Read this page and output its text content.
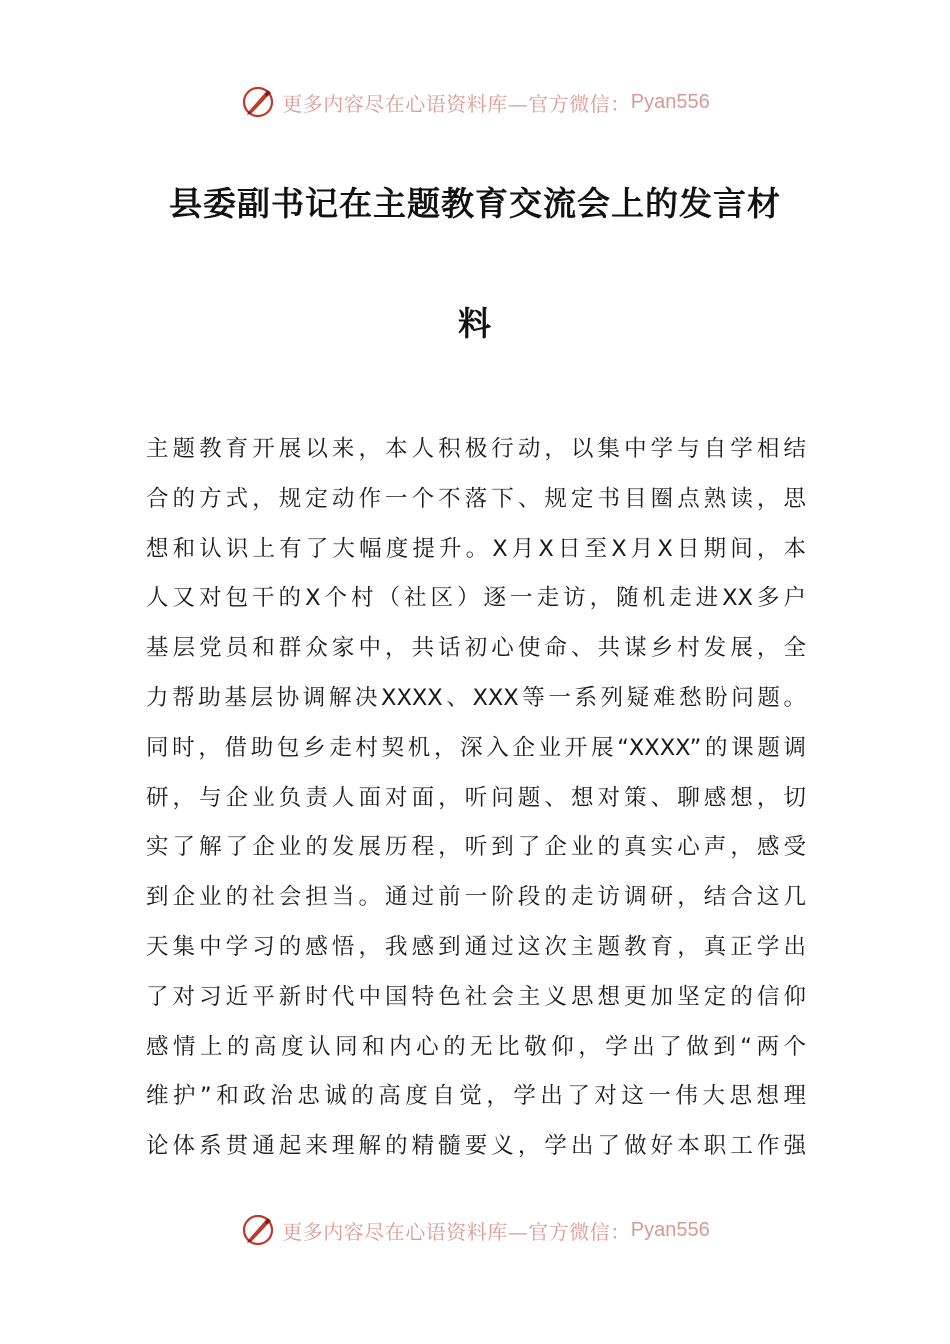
更多内容尽在心语资料库—官方微信： Pyan556
县委副书记在主题教育交流会上的发言材
料
主题教育开展以来，本人积极行动，以集中学与自学相结
合的方式，规定动作一个不落下、规定书目圈点熟读，思
想和认识上有了大幅度提升。X月X日至X月X日期间，本
人又对包干的X个村（社区）逐一走访，随机走进XX多户
基层党员和群众家中，共话初心使命、共谋乡村发展，全
力帮助基层协调解决XXXX、XXX等一系列疑难愁盼问题。
同时，借助包乡走村契机，深入企业开展“XXXX”的课题调
研，与企业负责人面对面，听问题、想对策、聊感想，切
实了解了企业的发展历程，听到了企业的真实心声，感受
到企业的社会担当。通过前一阶段的走访调研，结合这几
天集中学习的感悟，我感到通过这次主题教育，真正学出
了对习近平新时代中国特色社会主义思想更加坚定的信仰
感情上的高度认同和内心的无比敬仰，学出了做到“两个
维护”和政治忠诚的高度自觉，学出了对这一伟大思想理
论体系贯通起来理解的精髓要义，学出了做好本职工作强
更多内容尽在心语资料库—官方微信： Pyan556
